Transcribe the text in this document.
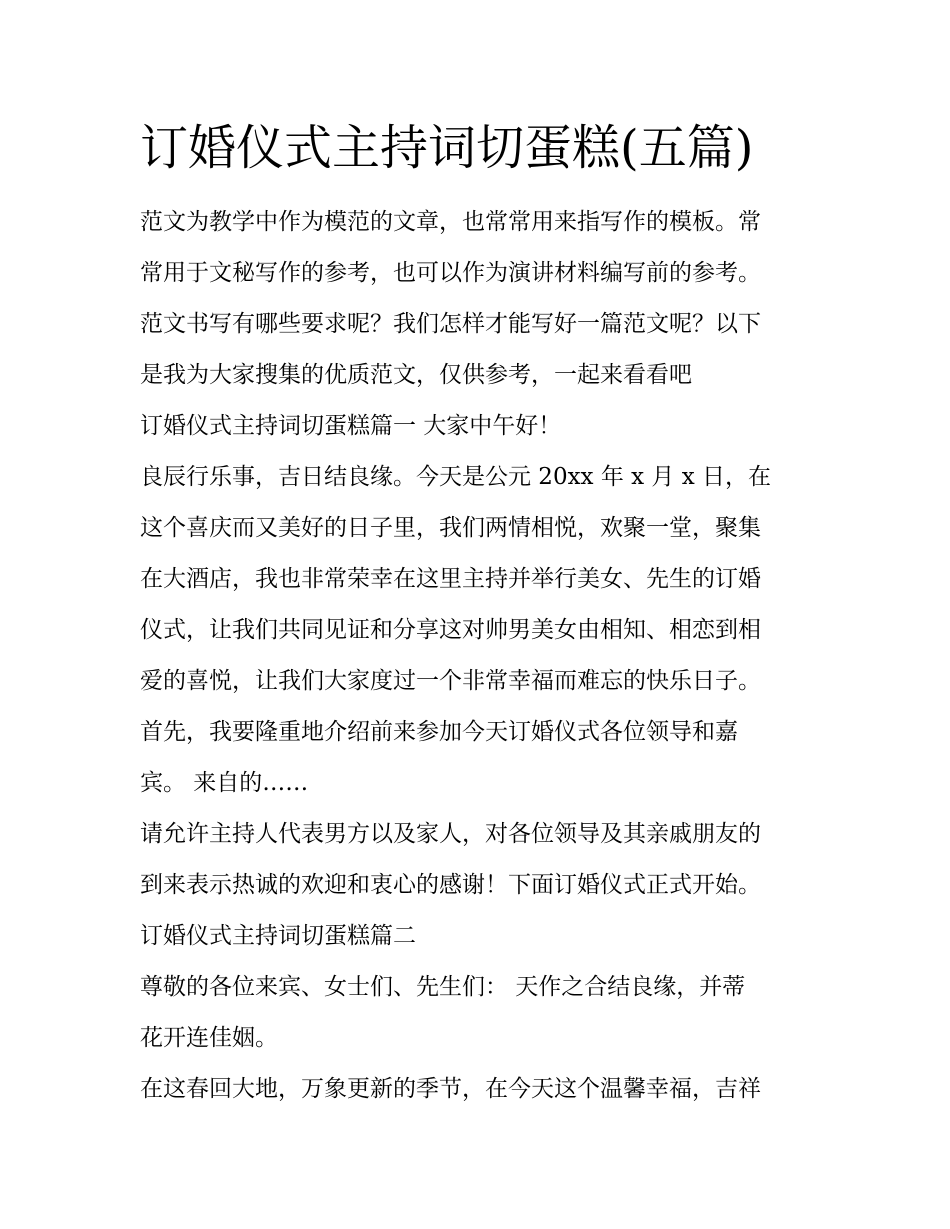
订婚仪式主持词切蛋糕(五篇)
范文为教学中作为模范的文章，也常常用来指写作的模板。常
常用于文秘写作的参考，也可以作为演讲材料编写前的参考。
范文书写有哪些要求呢？我们怎样才能写好一篇范文呢？以下
是我为大家搜集的优质范文，仅供参考，一起来看看吧
订婚仪式主持词切蛋糕篇一 大家中午好！
良辰行乐事，吉日结良缘。今天是公元 20xx 年 x 月 x 日，在
这个喜庆而又美好的日子里，我们两情相悦，欢聚一堂，聚集
在大酒店，我也非常荣幸在这里主持并举行美女、先生的订婚
仪式，让我们共同见证和分享这对帅男美女由相知、相恋到相
爱的喜悦，让我们大家度过一个非常幸福而难忘的快乐日子。
首先，我要隆重地介绍前来参加今天订婚仪式各位领导和嘉
宾。 来自的……
请允许主持人代表男方以及家人，对各位领导及其亲戚朋友的
到来表示热诚的欢迎和衷心的感谢！下面订婚仪式正式开始。
订婚仪式主持词切蛋糕篇二
尊敬的各位来宾、女士们、先生们： 天作之合结良缘，并蒂
花开连佳姻。
在这春回大地，万象更新的季节，在今天这个温馨幸福，吉祥
